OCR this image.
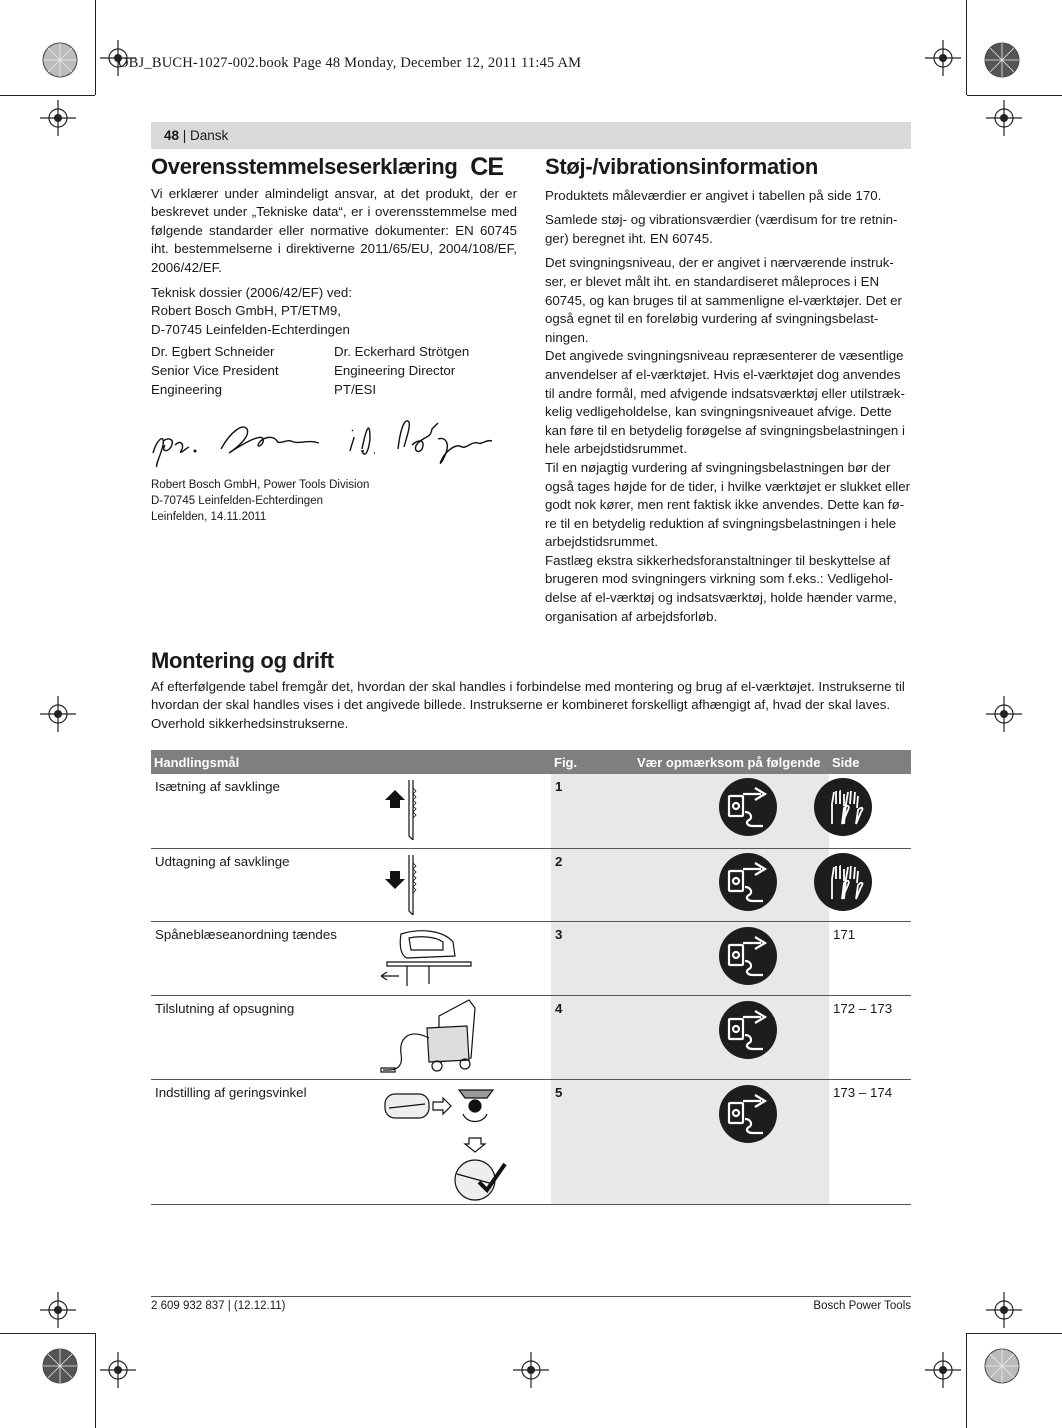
OBJ_BUCH-1027-002.book Page 48 Monday, December 12, 2011 11:45 AM
48 | Dansk
Overensstemmelseserklæring CE

Vi erklærer under almindeligt ansvar, at det produkt, der er beskrevet under „Tekniske data“, er i overensstemmelse med følgende standarder eller normative dokumenter: EN 60745 iht. bestemmelserne i direktiverne 2011/65/EU, 2004/108/EF, 2006/42/EF.

Teknisk dossier (2006/42/EF) ved:
Robert Bosch GmbH, PT/ETM9,
D-70745 Leinfelden-Echterdingen

Dr. Egbert Schneider
Senior Vice President
Engineering
Dr. Eckerhard Strötgen
Engineering Director
PT/ESI
Robert Bosch GmbH, Power Tools Division
D-70745 Leinfelden-Echterdingen
Leinfelden, 14.11.2011
Støj-/vibrationsinformation

Produktets måleværdier er angivet i tabellen på side 170.

Samlede støj- og vibrationsværdier (værdisum for tre retnin-ger) beregnet iht. EN 60745.

Det svingningsniveau, der er angivet i nærværende instruk-ser, er blevet målt iht. en standardiseret måleproces i EN 60745, og kan bruges til at sammenligne el-værktøjer. Det er også egnet til en foreløbig vurdering af svingningsbelast-ningen.

Det angivede svingningsniveau repræsenterer de væsentlige anvendelser af el-værktøjet. Hvis el-værktøjet dog anvendes til andre formål, med afvigende indsatsværktøj eller utilstræk-kelig vedligeholdelse, kan svingningsniveauet afvige. Dette kan føre til en betydelig forøgelse af svingningsbelastningen i hele arbejdstidsrummet.

Til en nøjagtig vurdering af svingningsbelastningen bør der også tages højde for de tider, i hvilke værktøjet er slukket eller godt nok kører, men rent faktisk ikke anvendes. Dette kan fø-re til en betydelig reduktion af svingningsbelastningen i hele arbejdstidsrummet.

Fastlæg ekstra sikkerhedsforanstaltninger til beskyttelse af brugeren mod svingningers virkning som f.eks.: Vedligehol-delse af el-værktøj og indsatsværktøj, holde hænder varme, organisation af arbejdsforløb.

Montering og drift

Af efterfølgende tabel fremgår det, hvordan der skal handles i forbindelse med montering og brug af el-værktøjet. Instrukserne til hvordan der skal handles vises i det angivede billede. Instrukserne er kombineret forskelligt afhængigt af, hvad der skal laves. Overhold sikkerhedsinstrukserne.

Handlingsmål	Fig.	Vær opmærksom på følgende	Side
Isætning af savklinge	1		171
Udtagning af savklinge	2		171
Spåneblæseanordning tændes	3		171
Tilslutning af opsugning	4		172 – 173
Indstilling af geringsvinkel	5		173 – 174
2 609 932 837 | (12.12.11)	Bosch Power Tools
